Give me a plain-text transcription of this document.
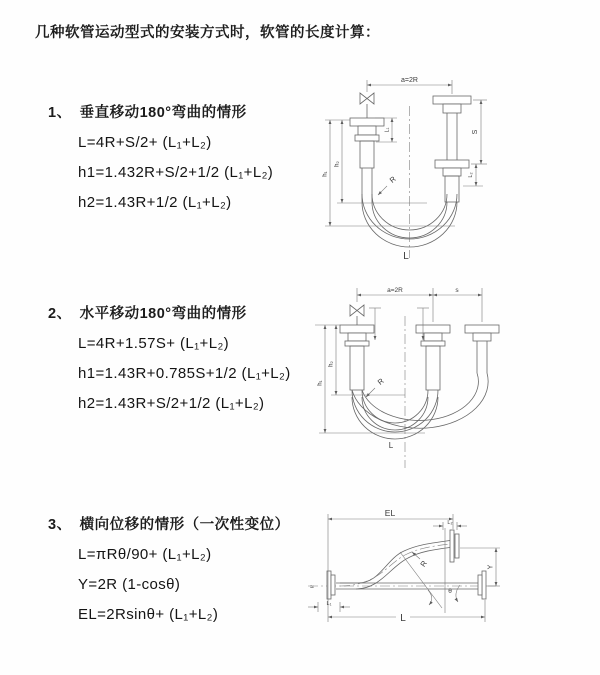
几种软管运动型式的安装方式时，软管的长度计算：
1、 垂直移动180°弯曲的情形
L=4R+S/2+ (L₁+L₂)
h1=1.432R+S/2+1/2 (L₁+L₂)
h2=1.43R+1/2 (L₁+L₂)
2、 水平移动180°弯曲的情形
L=4R+1.57S+ (L₁+L₂)
h1=1.43R+0.785S+1/2 (L₁+L₂)
h2=1.43R+S/2+1/2 (L₁+L₂)
3、 横向位移的情形（一次性变位）
L=πRθ/90+ (L₁+L₂)
Y=2R (1-cosθ)
EL=2Rsinθ+ (L₁+L₂)
a=2R
S
L₂
L₁
h₁
h₂
R
L
a=2R	s
h₁
h₂
R
L
≈
EL
L₂
Y
θ
R
L₁
L
